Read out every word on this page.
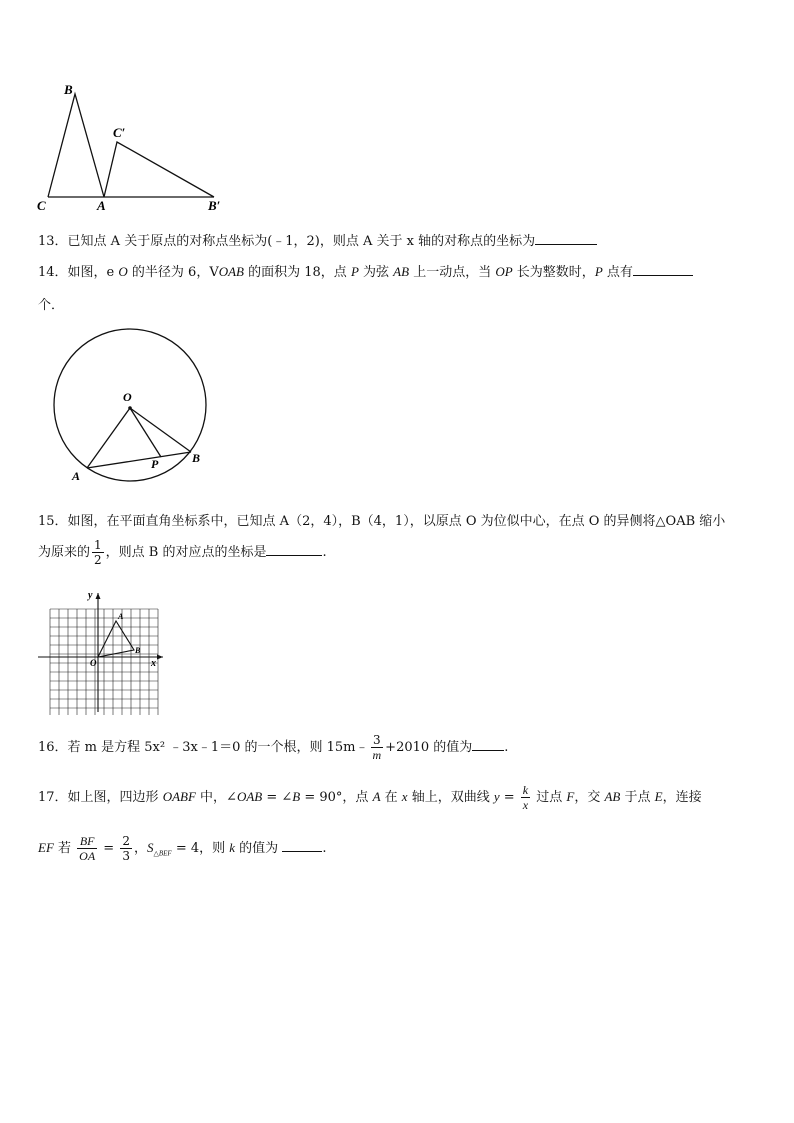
B
C′
C	A	B′
13．已知点 A 关于原点的对称点坐标为(﹣1，2)，则点 A 关于 x 轴的对称点的坐标为
14．如图，e O 的半径为 6，VOAB 的面积为 18，点 P 为弦 AB 上一动点，当 OP 长为整数时，P 点有
个．
O
A
B
P
15．如图，在平面直角坐标系中，已知点 A（2，4），B（4，1），以原点 O 为位似中心，在点 O 的异侧将△OAB 缩小
为原来的 $\frac{1}{2}$ ，则点 B 的对应点的坐标是	.
y
x
O
A
B
16．若 m 是方程 5x² ﹣3x﹣1＝0 的一个根，则 15m﹣ $\frac{3}{m} +2010$ 的值为 .
17．如上图，四边形 OABF 中，∠OAB = ∠B = 90°，点 A 在 x 轴上，双曲线 $y = \frac{k}{x}$ 过点 F，交 AB 于点 E，连接
EF 若 $\frac{BF}{OA} = \frac{2}{3}$ ，$S_{\triangle BEF} = 4$，则 k 的值为	.
